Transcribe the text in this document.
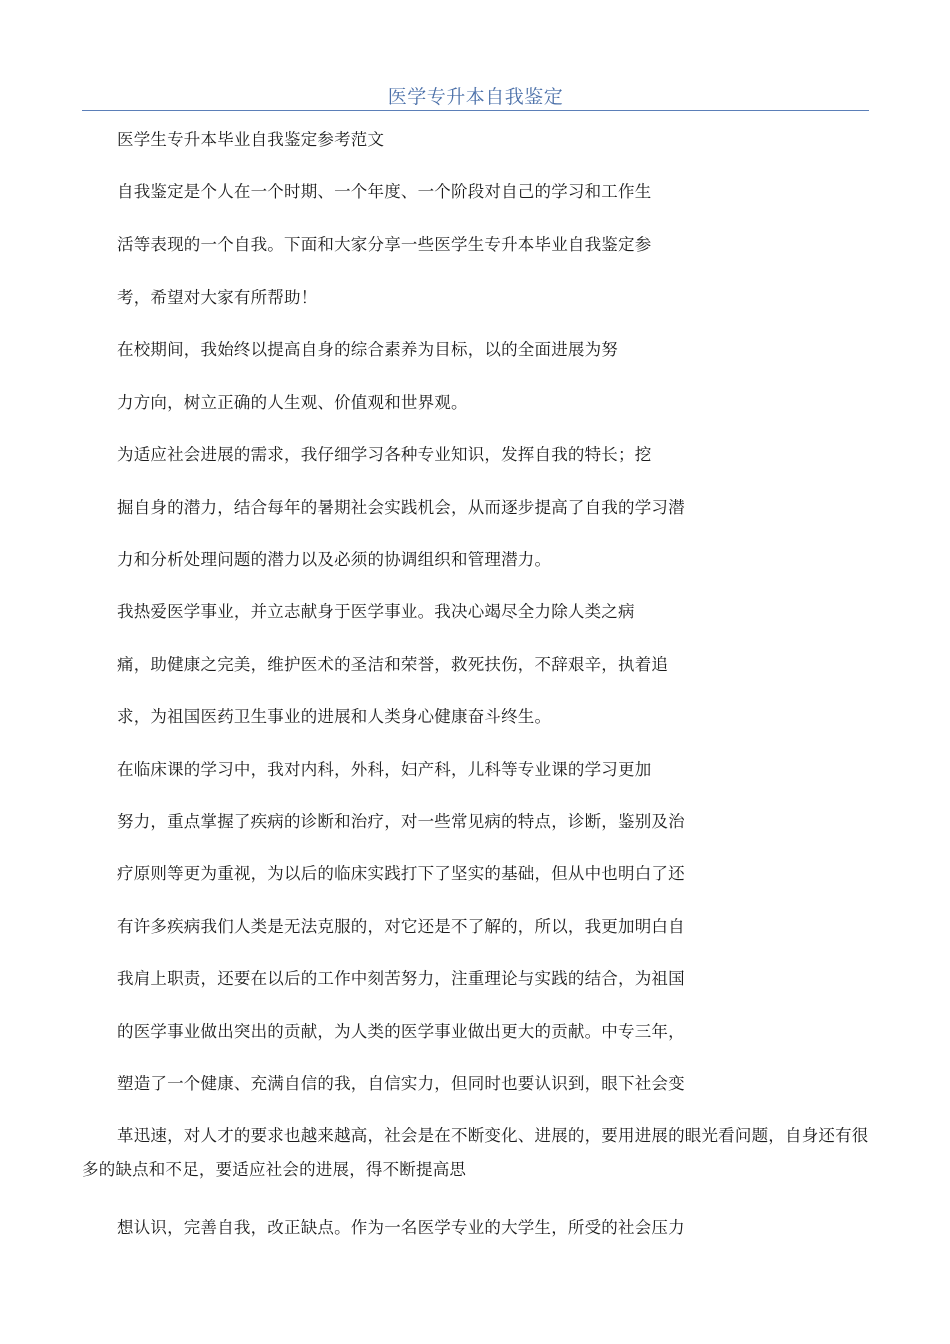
医学专升本自我鉴定
医学生专升本毕业自我鉴定参考范文
自我鉴定是个人在一个时期、一个年度、一个阶段对自己的学习和工作生
活等表现的一个自我。下面和大家分享一些医学生专升本毕业自我鉴定参
考，希望对大家有所帮助！
在校期间，我始终以提高自身的综合素养为目标，以的全面进展为努
力方向，树立正确的人生观、价值观和世界观。
为适应社会进展的需求，我仔细学习各种专业知识，发挥自我的特长；挖
掘自身的潜力，结合每年的暑期社会实践机会，从而逐步提高了自我的学习潜
力和分析处理问题的潜力以及必须的协调组织和管理潜力。
我热爱医学事业，并立志献身于医学事业。我决心竭尽全力除人类之病
痛，助健康之完美，维护医术的圣洁和荣誉，救死扶伤，不辞艰辛，执着追
求，为祖国医药卫生事业的进展和人类身心健康奋斗终生。
在临床课的学习中，我对内科，外科，妇产科，儿科等专业课的学习更加
努力，重点掌握了疾病的诊断和治疗，对一些常见病的特点，诊断，鉴别及治
疗原则等更为重视，为以后的临床实践打下了坚实的基础，但从中也明白了还
有许多疾病我们人类是无法克服的，对它还是不了解的，所以，我更加明白自
我肩上职责，还要在以后的工作中刻苦努力，注重理论与实践的结合，为祖国
的医学事业做出突出的贡献，为人类的医学事业做出更大的贡献。中专三年，
塑造了一个健康、充满自信的我，自信实力，但同时也要认识到，眼下社会变
革迅速，对人才的要求也越来越高，社会是在不断变化、进展的，要用进展的眼光看问题，自身还有很多的缺点和不足，要适应社会的进展，得不断提高思
想认识，完善自我，改正缺点。作为一名医学专业的大学生，所受的社会压力
